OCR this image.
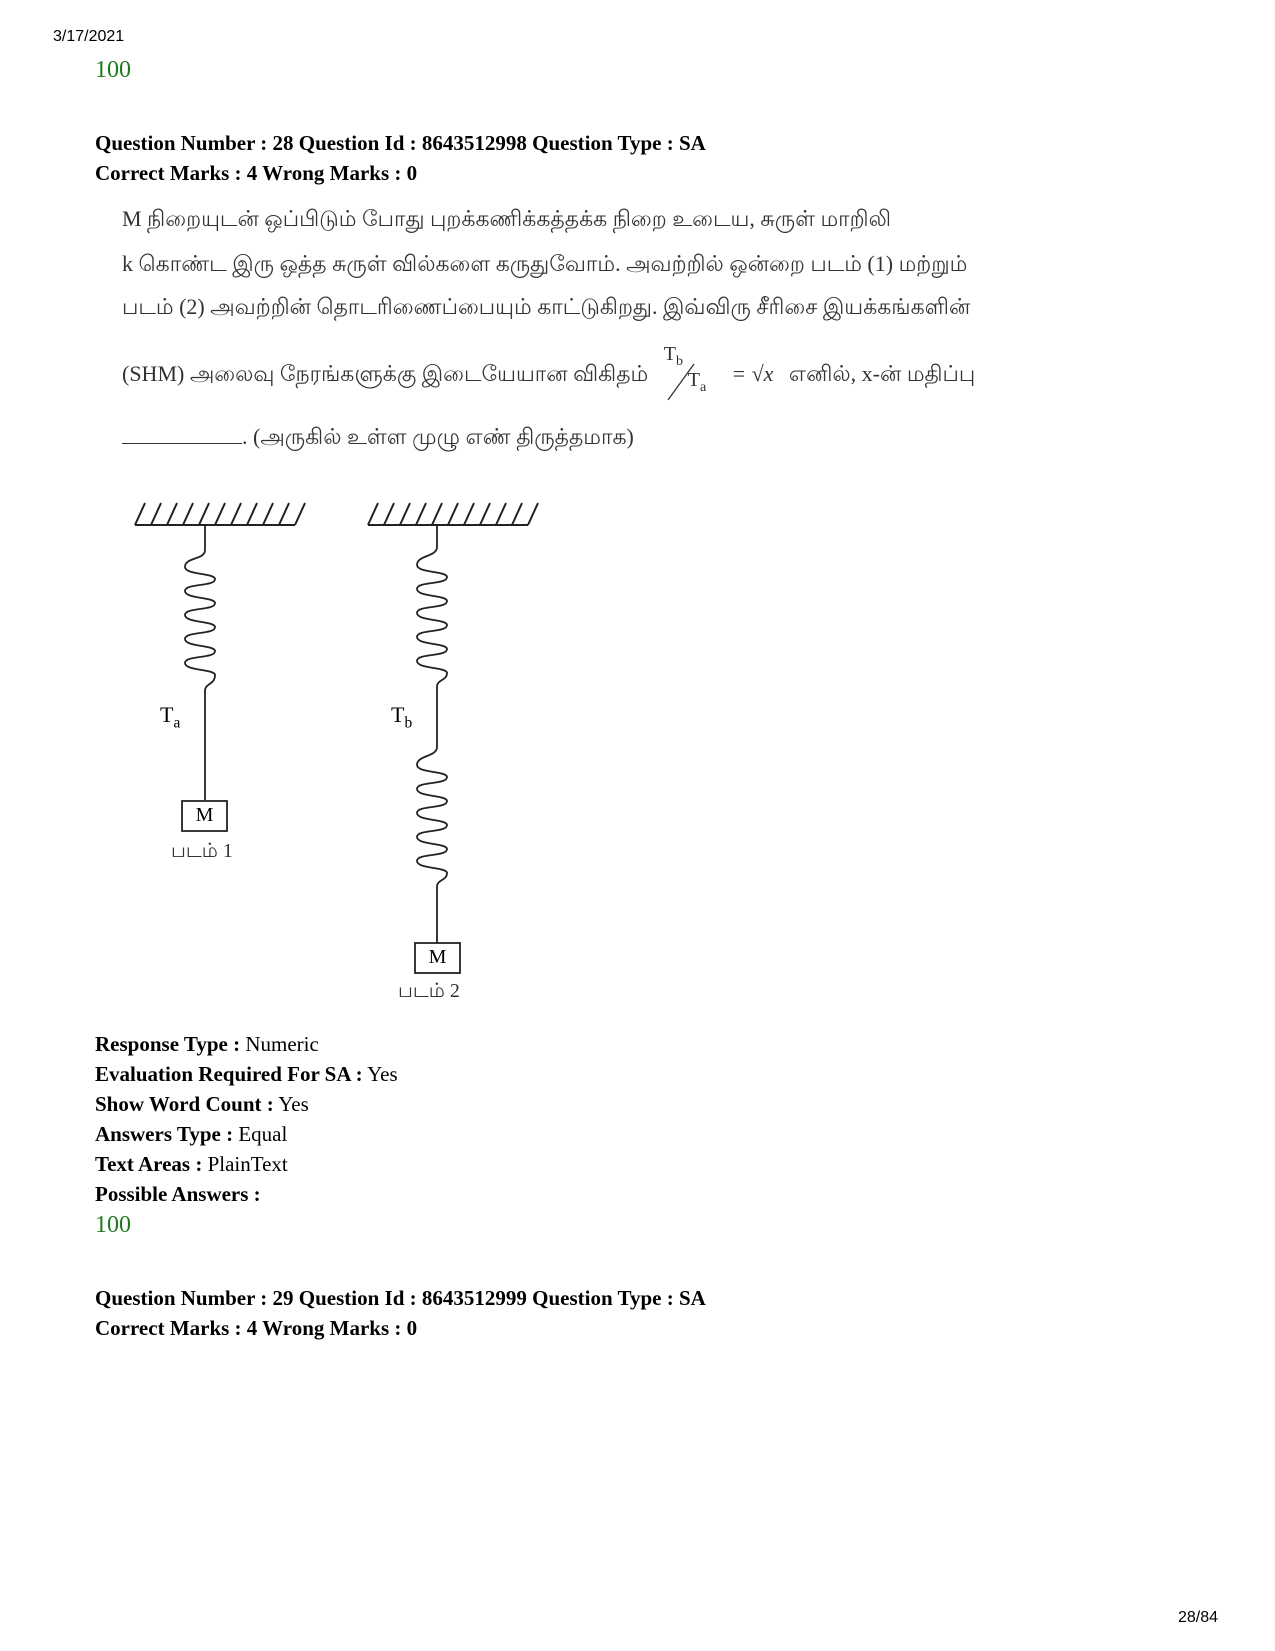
3/17/2021
100
Question Number : 28 Question Id : 8643512998 Question Type : SA
Correct Marks : 4 Wrong Marks : 0
M நிறையுடன் ஒப்பிடும் போது புறக்கணிக்கத்தக்க நிறை உடைய, சுருள் மாறிலி
k கொண்ட இரு ஒத்த சுருள் வில்களை கருதுவோம். அவற்றில் ஒன்றை படம் (1) மற்றும்
படம் (2) அவற்றின் தொடரிணைப்பையும் காட்டுகிறது. இவ்விரு சீரிசை இயக்கங்களின்
(SHM) அலைவு நேரங்களுக்கு இடையேயான விகிதம்
$T_b$
$T_a$
= √x எனில், x-ன் மதிப்பு
. (அருகில் உள்ள முழு எண் திருத்தமாக)
$T_a$	$T_b$
M
M
படம் 1
படம் 2
Response Type : Numeric
Evaluation Required For SA : Yes
Show Word Count : Yes
Answers Type : Equal
Text Areas : PlainText
Possible Answers :
100
Question Number : 29 Question Id : 8643512999 Question Type : SA
Correct Marks : 4 Wrong Marks : 0
28/84
